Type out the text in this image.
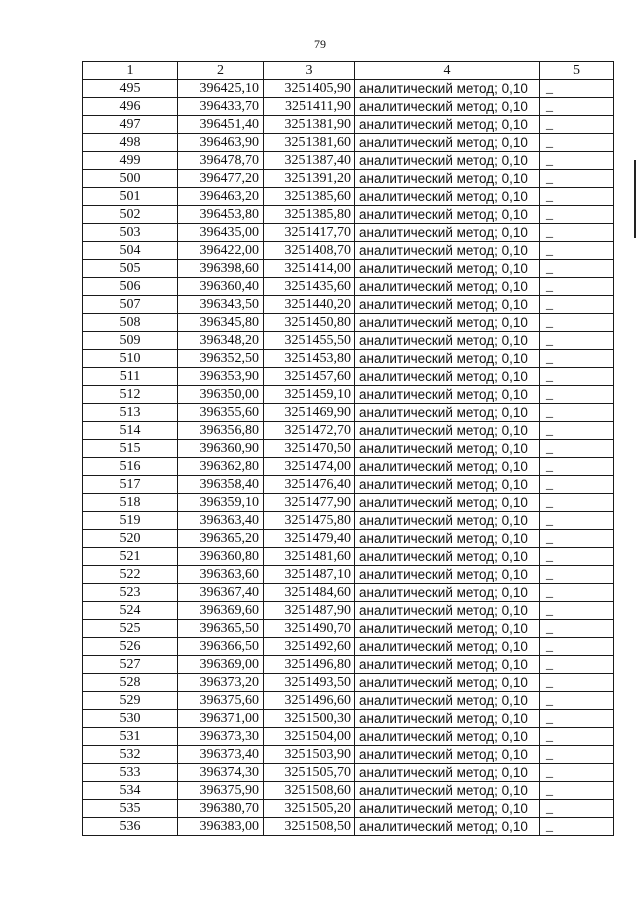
79
1	2	3	4	5
495	396425,10	3251405,90	аналитический метод; 0,10	_
496	396433,70	3251411,90	аналитический метод; 0,10	_
497	396451,40	3251381,90	аналитический метод; 0,10	_
498	396463,90	3251381,60	аналитический метод; 0,10	_
499	396478,70	3251387,40	аналитический метод; 0,10	_
500	396477,20	3251391,20	аналитический метод; 0,10	_
501	396463,20	3251385,60	аналитический метод; 0,10	_
502	396453,80	3251385,80	аналитический метод; 0,10	_
503	396435,00	3251417,70	аналитический метод; 0,10	_
504	396422,00	3251408,70	аналитический метод; 0,10	_
505	396398,60	3251414,00	аналитический метод; 0,10	_
506	396360,40	3251435,60	аналитический метод; 0,10	_
507	396343,50	3251440,20	аналитический метод; 0,10	_
508	396345,80	3251450,80	аналитический метод; 0,10	_
509	396348,20	3251455,50	аналитический метод; 0,10	_
510	396352,50	3251453,80	аналитический метод; 0,10	_
511	396353,90	3251457,60	аналитический метод; 0,10	_
512	396350,00	3251459,10	аналитический метод; 0,10	_
513	396355,60	3251469,90	аналитический метод; 0,10	_
514	396356,80	3251472,70	аналитический метод; 0,10	_
515	396360,90	3251470,50	аналитический метод; 0,10	_
516	396362,80	3251474,00	аналитический метод; 0,10	_
517	396358,40	3251476,40	аналитический метод; 0,10	_
518	396359,10	3251477,90	аналитический метод; 0,10	_
519	396363,40	3251475,80	аналитический метод; 0,10	_
520	396365,20	3251479,40	аналитический метод; 0,10	_
521	396360,80	3251481,60	аналитический метод; 0,10	_
522	396363,60	3251487,10	аналитический метод; 0,10	_
523	396367,40	3251484,60	аналитический метод; 0,10	_
524	396369,60	3251487,90	аналитический метод; 0,10	_
525	396365,50	3251490,70	аналитический метод; 0,10	_
526	396366,50	3251492,60	аналитический метод; 0,10	_
527	396369,00	3251496,80	аналитический метод; 0,10	_
528	396373,20	3251493,50	аналитический метод; 0,10	_
529	396375,60	3251496,60	аналитический метод; 0,10	_
530	396371,00	3251500,30	аналитический метод; 0,10	_
531	396373,30	3251504,00	аналитический метод; 0,10	_
532	396373,40	3251503,90	аналитический метод; 0,10	_
533	396374,30	3251505,70	аналитический метод; 0,10	_
534	396375,90	3251508,60	аналитический метод; 0,10	_
535	396380,70	3251505,20	аналитический метод; 0,10	_
536	396383,00	3251508,50	аналитический метод; 0,10	_
